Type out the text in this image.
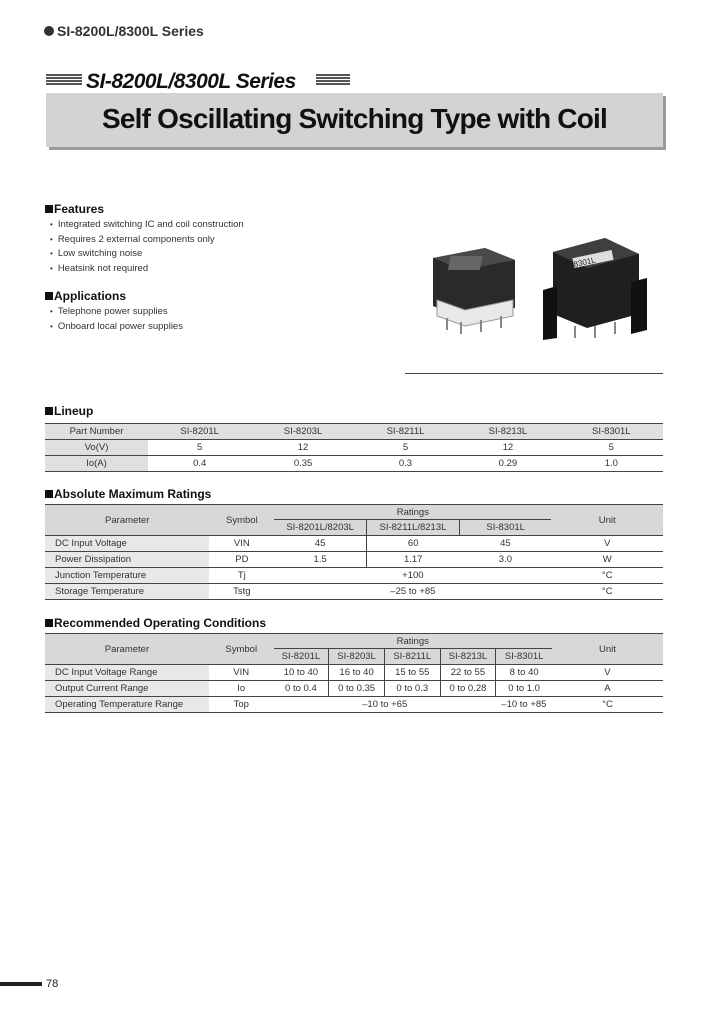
SI-8200L/8300L Series
SI-8200L/8300L Series
Self Oscillating Switching Type with Coil
Features
• Integrated switching IC and coil construction
• Requires 2 external components only
• Low switching noise
• Heatsink not required
Applications
• Telephone power supplies
• Onboard local power supplies
8301L
Lineup
Part Number	SI-8201L	SI-8203L	SI-8211L	SI-8213L	SI-8301L
Vo(V)	5	12	5	12	5
Io(A)	0.4	0.35	0.3	0.29	1.0
Absolute Maximum Ratings
Parameter	Symbol	Ratings			Unit
		SI-8201L/8203L	SI-8211L/8213L	SI-8301L	
DC Input Voltage	VIN	45	60	45	V
Power Dissipation	PD	1.5	1.17	3.0	W
Junction Temperature	Tj	+100			°C
Storage Temperature	Tstg	–25 to +85			°C
Recommended Operating Conditions
Parameter	Symbol	Ratings					Unit
		SI-8201L	SI-8203L	SI-8211L	SI-8213L	SI-8301L	
DC Input Voltage Range	VIN	10 to 40	16 to 40	15 to 55	22 to 55	8 to 40	V
Output Current Range	Io	0 to 0.4	0 to 0.35	0 to 0.3	0 to 0.28	0 to 1.0	A
Operating Temperature Range	Top	–10 to +65				–10 to +85	°C
78
